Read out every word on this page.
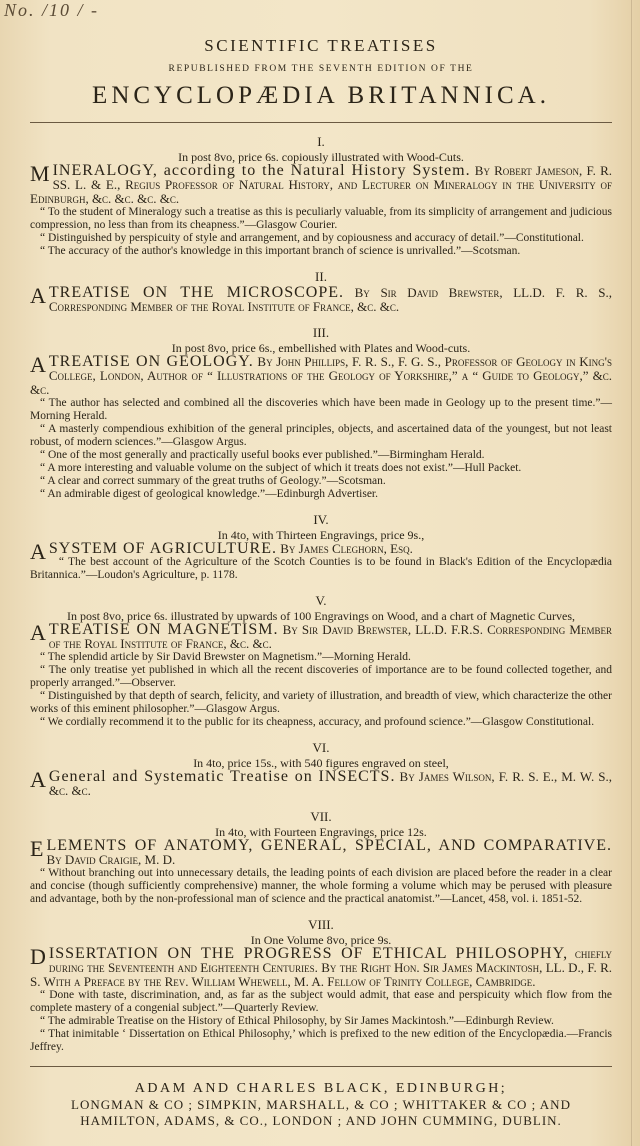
No. /10 / -

SCIENTIFIC TREATISES

REPUBLISHED FROM THE SEVENTH EDITION OF THE

ENCYCLOPÆDIA BRITANNICA.

I.
In post 8vo, price 6s. copiously illustrated with Wood-Cuts.

M INERALOGY, according to the Natural History System. By Robert Jameson, F. R. SS. L. & E., Regius Professor of Natural History, and Lecturer on Mineralogy in the University of Edinburgh, &c. &c. &c. &c.

“ To the student of Mineralogy such a treatise as this is peculiarly valuable, from its simplicity of arrangement and judicious compression, no less than from its cheapness.”—Glasgow Courier.

“ Distinguished by perspicuity of style and arrangement, and by copiousness and accuracy of detail.”—Constitutional.

“ The accuracy of the author's knowledge in this important branch of science is unrivalled.”—Scotsman.

II.

A TREATISE ON THE MICROSCOPE. By Sir David Brewster, LL.D. F. R. S., Corresponding Member of the Royal Institute of France, &c. &c.

III.
In post 8vo, price 6s., embellished with Plates and Wood-cuts.

A TREATISE ON GEOLOGY. By John Phillips, F. R. S., F. G. S., Professor of Geology in King's College, London, Author of “ Illustrations of the Geology of Yorkshire,” a “ Guide to Geology,” &c. &c.

“ The author has selected and combined all the discoveries which have been made in Geology up to the present time.”—Morning Herald.

“ A masterly compendious exhibition of the general principles, objects, and ascertained data of the youngest, but not least robust, of modern sciences.”—Glasgow Argus.

“ One of the most generally and practically useful books ever published.”—Birmingham Herald.

“ A more interesting and valuable volume on the subject of which it treats does not exist.”—Hull Packet.

“ A clear and correct summary of the great truths of Geology.”—Scotsman.

“ An admirable digest of geological knowledge.”—Edinburgh Advertiser.

IV.
In 4to, with Thirteen Engravings, price 9s.,

A SYSTEM OF AGRICULTURE. By James Cleghorn, Esq.

“ The best account of the Agriculture of the Scotch Counties is to be found in Black's Edition of the Encyclopædia Britannica.”—Loudon's Agriculture, p. 1178.

V.
In post 8vo, price 6s. illustrated by upwards of 100 Engravings on Wood, and a chart of Magnetic Curves,

A TREATISE ON MAGNETISM. By Sir David Brewster, LL.D. F.R.S. Corresponding Member of the Royal Institute of France, &c. &c.

“ The splendid article by Sir David Brewster on Magnetism.”—Morning Herald.

“ The only treatise yet published in which all the recent discoveries of importance are to be found collected together, and properly arranged.”—Observer.

“ Distinguished by that depth of search, felicity, and variety of illustration, and breadth of view, which characterize the other works of this eminent philosopher.”—Glasgow Argus.

“ We cordially recommend it to the public for its cheapness, accuracy, and profound science.”—Glasgow Constitutional.

VI.
In 4to, price 15s., with 540 figures engraved on steel,

A General and Systematic Treatise on INSECTS. By James Wilson, F. R. S. E., M. W. S., &c. &c.

VII.
In 4to, with Fourteen Engravings, price 12s.

E LEMENTS OF ANATOMY, GENERAL, SPECIAL, AND COMPARATIVE. By David Craigie, M. D.

“ Without branching out into unnecessary details, the leading points of each division are placed before the reader in a clear and concise (though sufficiently comprehensive) manner, the whole forming a volume which may be perused with pleasure and advantage, both by the non-professional man of science and the practical anatomist.”—Lancet, 458, vol. i. 1851-52.

VIII.
In One Volume 8vo, price 9s.

D ISSERTATION ON THE PROGRESS OF ETHICAL PHILOSOPHY, chiefly during the Seventeenth and Eighteenth Centuries. By the Right Hon. Sir James Mackintosh, LL. D., F. R. S. With a Preface by the Rev. William Whewell, M. A. Fellow of Trinity College, Cambridge.

“ Done with taste, discrimination, and, as far as the subject would admit, that ease and perspicuity which flow from the complete mastery of a congenial subject.”—Quarterly Review.

“ The admirable Treatise on the History of Ethical Philosophy, by Sir James Mackintosh.”—Edinburgh Review.

“ That inimitable ‘ Dissertation on Ethical Philosophy,’ which is prefixed to the new edition of the Encyclopædia.—Francis Jeffrey.

ADAM AND CHARLES BLACK, EDINBURGH;
LONGMAN & CO ; SIMPKIN, MARSHALL, & CO ; WHITTAKER & CO ; AND
HAMILTON, ADAMS, & CO., LONDON ; AND JOHN CUMMING, DUBLIN.
